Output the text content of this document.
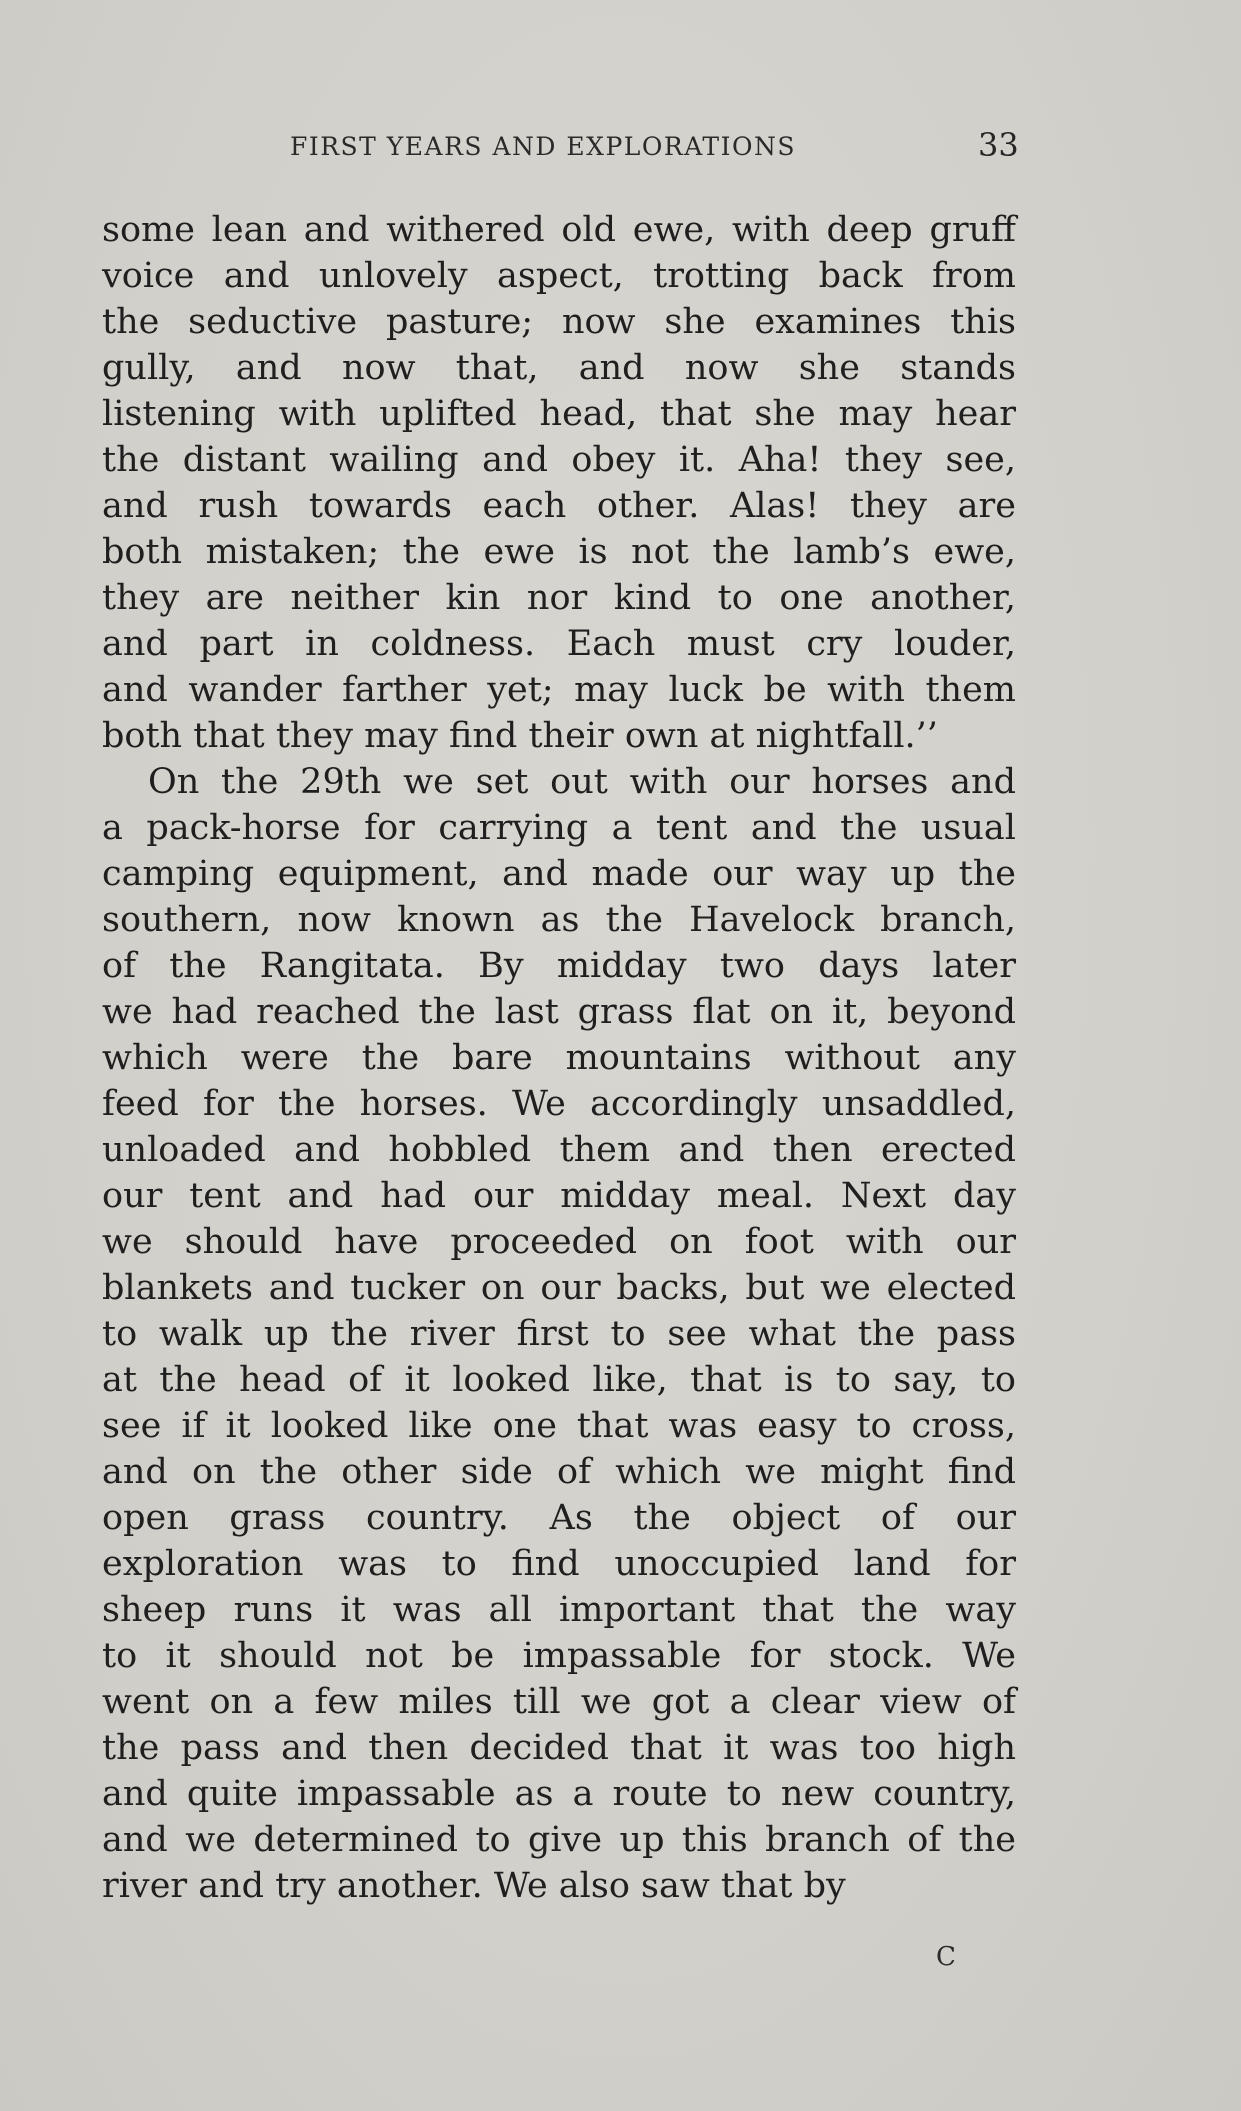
FIRST YEARS AND EXPLORATIONS	33
some lean and withered old ewe, with deep gruff
voice and unlovely aspect, trotting back from
the seductive pasture; now she examines this
gully, and now that, and now she stands
listening with uplifted head, that she may hear
the distant wailing and obey it. Aha! they see,
and rush towards each other. Alas! they are
both mistaken; the ewe is not the lamb’s ewe,
they are neither kin nor kind to one another,
and part in coldness. Each must cry louder,
and wander farther yet; may luck be with them
both that they may find their own at nightfall.’’
On the 29th we set out with our horses and
a pack-horse for carrying a tent and the usual
camping equipment, and made our way up the
southern, now known as the Havelock branch,
of the Rangitata. By midday two days later
we had reached the last grass flat on it, beyond
which were the bare mountains without any
feed for the horses. We accordingly unsaddled,
unloaded and hobbled them and then erected
our tent and had our midday meal. Next day
we should have proceeded on foot with our
blankets and tucker on our backs, but we elected
to walk up the river first to see what the pass
at the head of it looked like, that is to say, to
see if it looked like one that was easy to cross,
and on the other side of which we might find
open grass country. As the object of our
exploration was to find unoccupied land for
sheep runs it was all important that the way
to it should not be impassable for stock. We
went on a few miles till we got a clear view of
the pass and then decided that it was too high
and quite impassable as a route to new country,
and we determined to give up this branch of the
river and try another. We also saw that by
C
